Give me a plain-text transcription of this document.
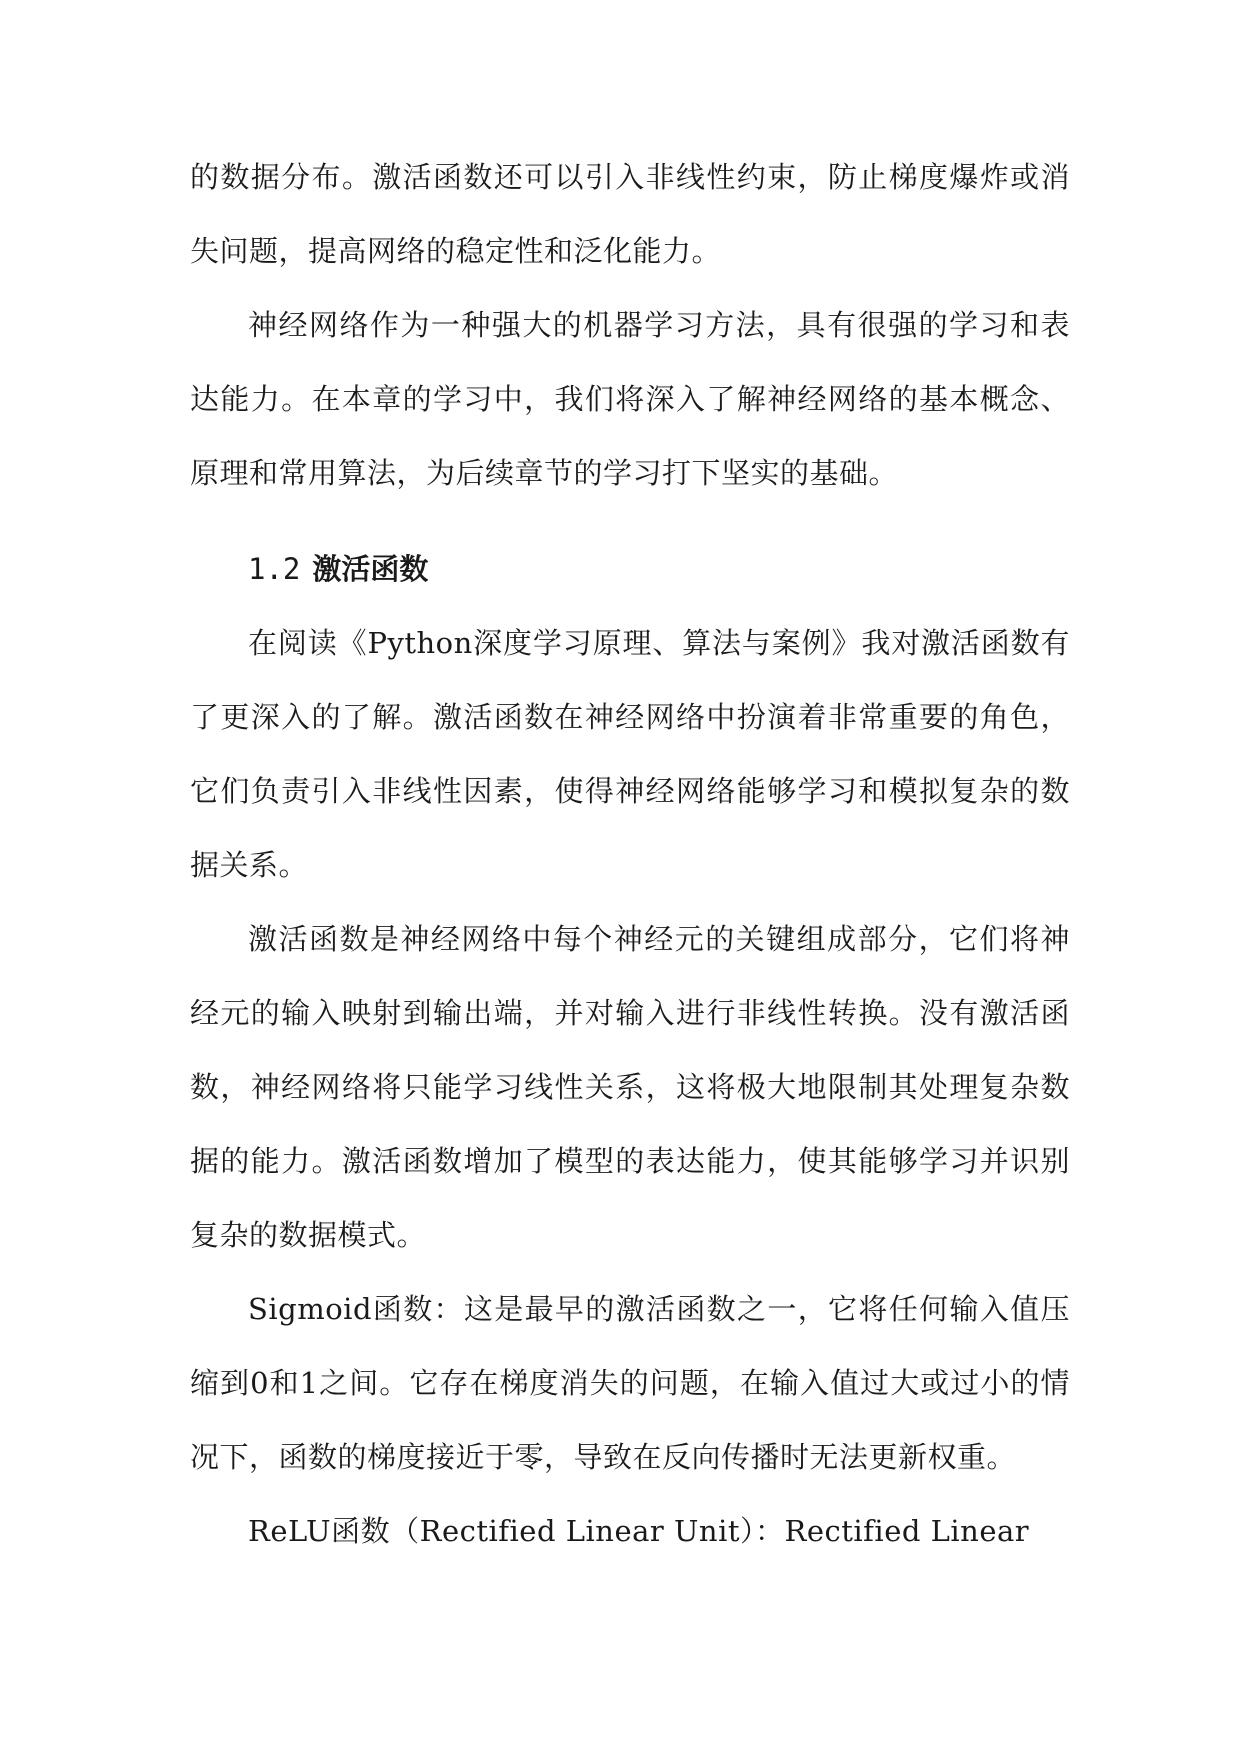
的数据分布。激活函数还可以引入非线性约束，防止梯度爆炸或消失问题，提高网络的稳定性和泛化能力。

神经网络作为一种强大的机器学习方法，具有很强的学习和表达能力。在本章的学习中，我们将深入了解神经网络的基本概念、原理和常用算法，为后续章节的学习打下坚实的基础。

1.2 激活函数

在阅读《Python深度学习原理、算法与案例》我对激活函数有了更深入的了解。激活函数在神经网络中扮演着非常重要的角色，它们负责引入非线性因素，使得神经网络能够学习和模拟复杂的数据关系。

激活函数是神经网络中每个神经元的关键组成部分，它们将神经元的输入映射到输出端，并对输入进行非线性转换。没有激活函数，神经网络将只能学习线性关系，这将极大地限制其处理复杂数据的能力。激活函数增加了模型的表达能力，使其能够学习并识别复杂的数据模式。

Sigmoid函数：这是最早的激活函数之一，它将任何输入值压缩到0和1之间。它存在梯度消失的问题，在输入值过大或过小的情况下，函数的梯度接近于零，导致在反向传播时无法更新权重。

ReLU函数（Rectified Linear Unit）：Rectified Linear
